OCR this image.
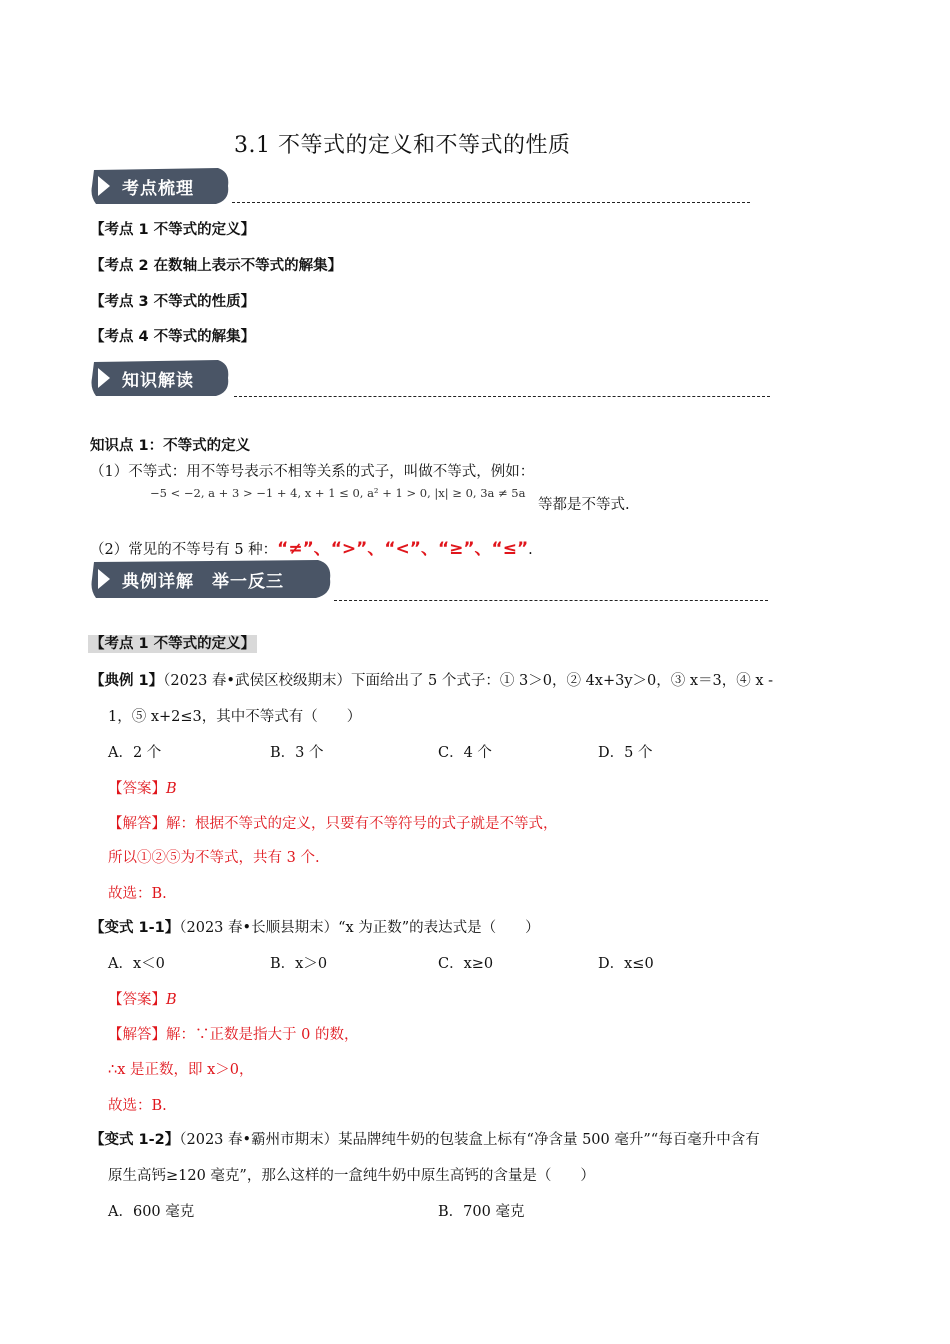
3.1 不等式的定义和不等式的性质
考点梳理
【考点 1 不等式的定义】
【考点 2 在数轴上表示不等式的解集】
【考点 3 不等式的性质】
【考点 4 不等式的解集】
知识解读
知识点 1：不等式的定义
（1）不等式：用不等号表示不相等关系的式子，叫做不等式，例如：
−5 < −2, a + 3 > −1 + 4, x + 1 ≤ 0, a² + 1 > 0, |x| ≥ 0, 3a ≠ 5a
等都是不等式.
（2）常见的不等号有 5 种：“≠”、“>”、“<”、“≥”、“≤”.
典例详解　举一反三
【考点 1 不等式的定义】
【典例 1】（2023 春•武侯区校级期末）下面给出了 5 个式子：① 3＞0，② 4x+3y＞0，③ x＝3，④ x -
1，⑤ x+2≤3，其中不等式有（　　）
A．2 个	B．3 个	C．4 个	D．5 个
【答案】B
【解答】解：根据不等式的定义，只要有不等符号的式子就是不等式，
所以①②⑤为不等式，共有 3 个.
故选：B.
【变式 1-1】（2023 春•长顺县期末）“x 为正数”的表达式是（　　）
A．x＜0	B．x＞0	C．x≥0	D．x≤0
【答案】B
【解答】解：∵正数是指大于 0 的数，
∴x 是正数，即 x＞0，
故选：B.
【变式 1-2】（2023 春•霸州市期末）某品牌纯牛奶的包装盒上标有“净含量 500 毫升”“每百毫升中含有
原生高钙≥120 毫克”，那么这样的一盒纯牛奶中原生高钙的含量是（　　）
A．600 毫克	B．700 毫克
